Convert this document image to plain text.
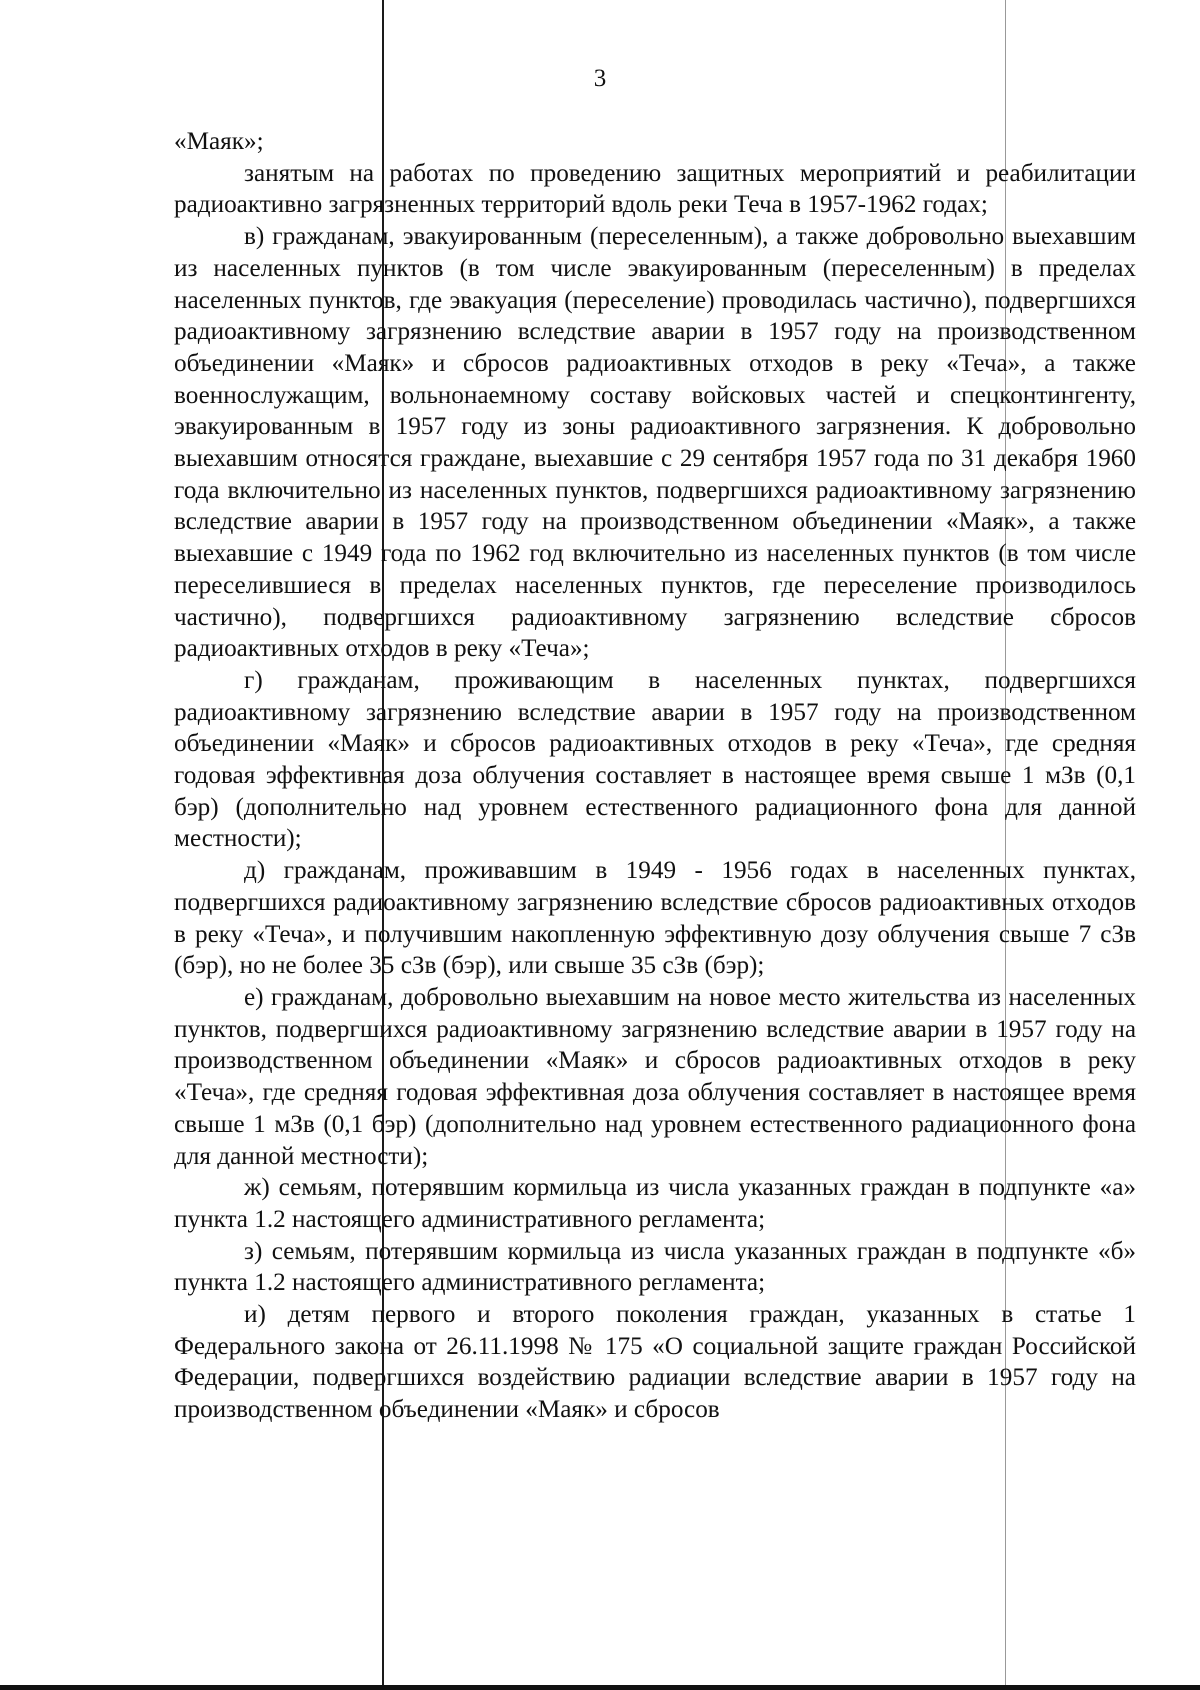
3

«Маяк»;

занятым на работах по проведению защитных мероприятий и реабилитации радиоактивно загрязненных территорий вдоль реки Теча в 1957-1962 годах;

в) гражданам, эвакуированным (переселенным), а также добровольно выехавшим из населенных пунктов (в том числе эвакуированным (переселенным) в пределах населенных пунктов, где эвакуация (переселение) проводилась частично), подвергшихся радиоактивному загрязнению вследствие аварии в 1957 году на производственном объединении «Маяк» и сбросов радиоактивных отходов в реку «Теча», а также военнослужащим, вольнонаемному составу войсковых частей и спецконтингенту, эвакуированным в 1957 году из зоны радиоактивного загрязнения. К добровольно выехавшим относятся граждане, выехавшие с 29 сентября 1957 года по 31 декабря 1960 года включительно из населенных пунктов, подвергшихся радиоактивному загрязнению вследствие аварии в 1957 году на производственном объединении «Маяк», а также выехавшие с 1949 года по 1962 год включительно из населенных пунктов (в том числе переселившиеся в пределах населенных пунктов, где переселение производилось частично), подвергшихся радиоактивному загрязнению вследствие сбросов радиоактивных отходов в реку «Теча»;

г) гражданам, проживающим в населенных пунктах, подвергшихся радиоактивному загрязнению вследствие аварии в 1957 году на производственном объединении «Маяк» и сбросов радиоактивных отходов в реку «Теча», где средняя годовая эффективная доза облучения составляет в настоящее время свыше 1 мЗв (0,1 бэр) (дополнительно над уровнем естественного радиационного фона для данной местности);

д) гражданам, проживавшим в 1949 - 1956 годах в населенных пунктах, подвергшихся радиоактивному загрязнению вследствие сбросов радиоактивных отходов в реку «Теча», и получившим накопленную эффективную дозу облучения свыше 7 сЗв (бэр), но не более 35 сЗв (бэр), или свыше 35 сЗв (бэр);

е) гражданам, добровольно выехавшим на новое место жительства из населенных пунктов, подвергшихся радиоактивному загрязнению вследствие аварии в 1957 году на производственном объединении «Маяк» и сбросов радиоактивных отходов в реку «Теча», где средняя годовая эффективная доза облучения составляет в настоящее время свыше 1 мЗв (0,1 бэр) (дополнительно над уровнем естественного радиационного фона для данной местности);

ж) семьям, потерявшим кормильца из числа указанных граждан в подпункте «а» пункта 1.2 настоящего административного регламента;

з) семьям, потерявшим кормильца из числа указанных граждан в подпункте «б» пункта 1.2 настоящего административного регламента;

и) детям первого и второго поколения граждан, указанных в статье 1 Федерального закона от 26.11.1998 № 175 «О социальной защите граждан Российской Федерации, подвергшихся воздействию радиации вследствие аварии в 1957 году на производственном объединении «Маяк» и сбросов
